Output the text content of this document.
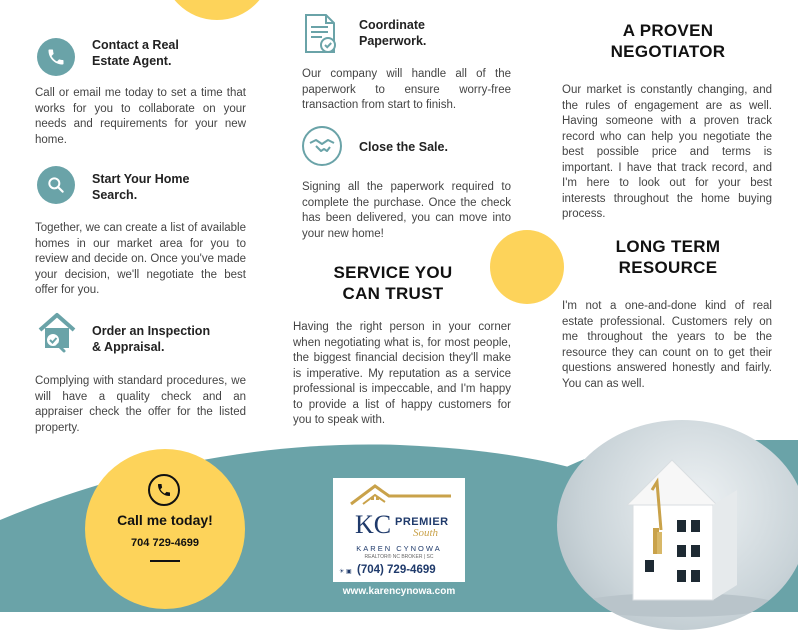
Contact a Real
Estate Agent.
Call or email me today to set a time that works for you to collaborate on your needs and requirements for your new home.
Start Your Home
Search.
Together, we can create a list of available homes in our market area for you to review and decide on. Once you've made your decision, we'll negotiate the best offer for you.
Order an Inspection
& Appraisal.
Complying with standard procedures, we will have a quality check and an appraiser check the offer for the listed property.
Call me today!
704 729-4699
Coordinate
Paperwork.
Our company will handle all of the paperwork to ensure worry-free transaction from start to finish.
Close the Sale.
Signing all the paperwork required to complete the purchase. Once the check has been delivered, you can move into your new home!
SERVICE YOU
CAN TRUST
Having the right person in your corner when negotiating what is, for most people, the biggest financial decision they'll make is imperative. My reputation as a service professional is impeccable, and I'm happy to provide a list of happy customers for you to speak with.
KC PREMIER
South
KAREN CYNOWA
REALTOR® NC BROKER | SC
☀ ▣ (704) 729-4699
www.karencynowa.com
A PROVEN
NEGOTIATOR
Our market is constantly changing, and the rules of engagement are as well. Having someone with a proven track record who can help you negotiate the best possible price and terms is important. I have that track record, and I'm here to look out for your best interests throughout the home buying process.
LONG TERM
RESOURCE
I'm not a one-and-done kind of real estate professional. Customers rely on me throughout the years to be the resource they can count on to get their questions answered honestly and fairly. You can as well.
